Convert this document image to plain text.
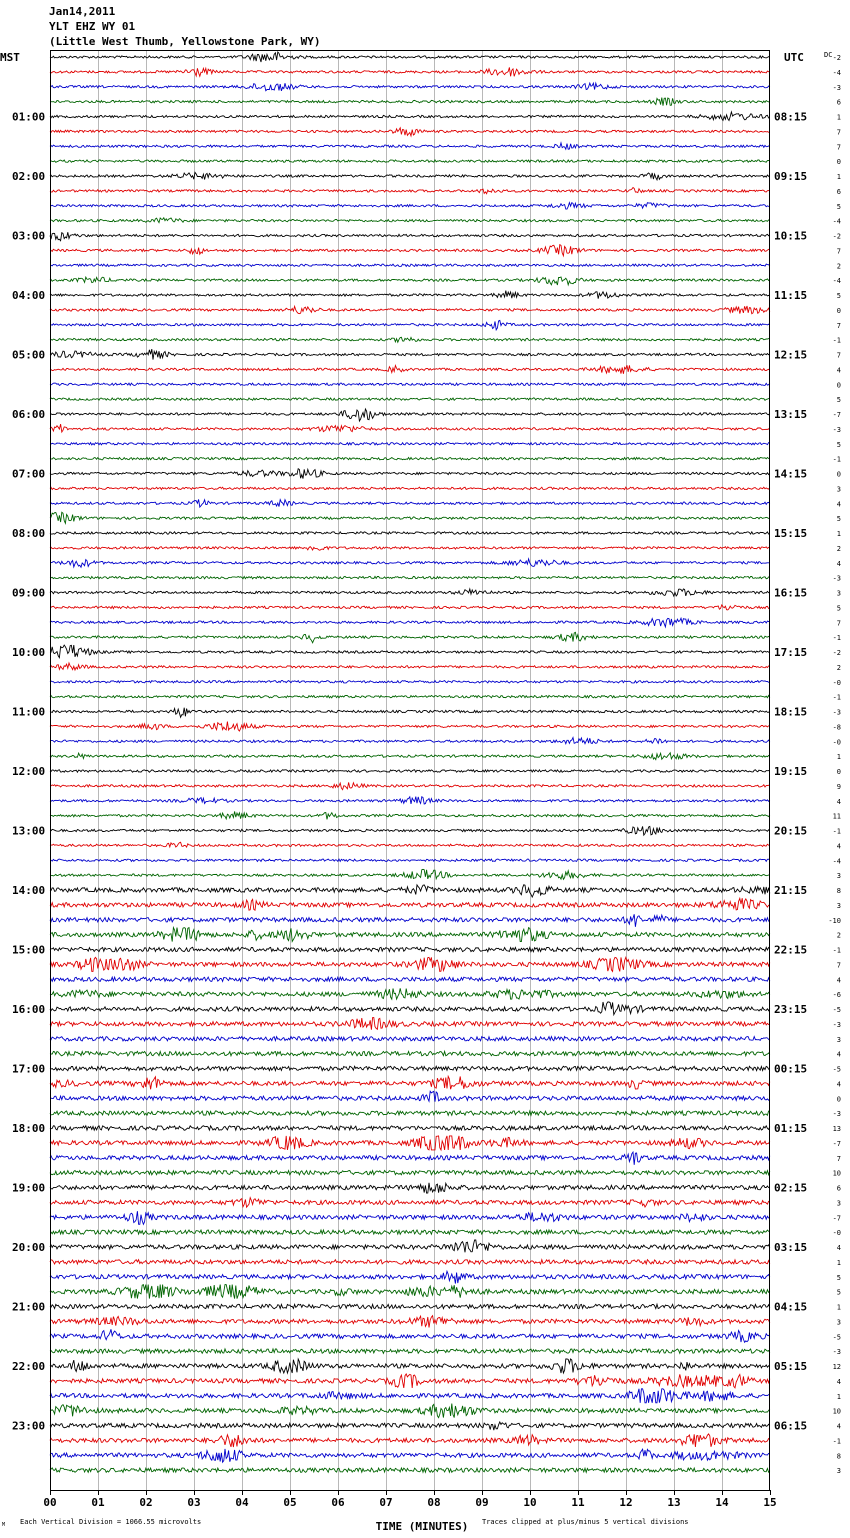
Jan14,2011
YLT EHZ WY 01
(Little West Thumb, Yellowstone Park, WY)
00	01	02	03	04	05	06	07	08	09	10	11	12	13	14	15
-2
-4
-3
6
01:00	08:15	1
7
7
0
02:00	09:15	1
6
5
-4
03:00	10:15	-2
7
2
-4
04:00	11:15	5
0
7
-1
05:00	12:15	7
4
0
5
06:00	13:15	-7
-3
5
-1
07:00	14:15	0
3
4
5
08:00	15:15	1
2
4
-3
09:00	16:15	3
5
7
-1
10:00	17:15	-2
2
-0
-1
11:00	18:15	-3
-8
-0
1
12:00	19:15	0
9
4
11
13:00	20:15	-1
4
-4
3
14:00	21:15	8
3
-10
2
15:00	22:15	-1
7
4
-6
16:00	23:15	-5
-3
3
4
17:00	00:15	-5
4
0
-3
18:00	01:15	13
-7
7
10
19:00	02:15	6
3
-7
-0
20:00	03:15	4
1
5
5
21:00	04:15	1
3
-5
-3
22:00	05:15	12
4
1
10
23:00	06:15	4
-1
8
3
MST	UTC	DC
TIME (MINUTES)
Each Vertical Division = 1066.55 microvolts	Traces clipped at plus/minus 5 vertical divisions
M
